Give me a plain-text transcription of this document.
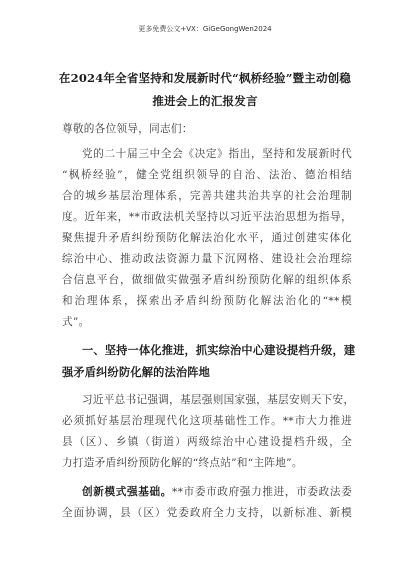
更多免费公文+VX：GiGeGongWen2024
在2024年全省坚持和发展新时代“枫桥经验”暨主动创稳
推进会上的汇报发言
尊敬的各位领导，同志们：
党的二十届三中全会《决定》指出，坚持和发展新时代
“枫桥经验”，健全党组织领导的自治、法治、德治相结
合的城乡基层治理体系，完善共建共治共享的社会治理制
度。近年来，**市政法机关坚持以习近平法治思想为指导，
聚焦提升矛盾纠纷预防化解法治化水平，通过创建实体化
综治中心、推动政法资源力量下沉网格、建设社会治理综
合信息平台，做细做实做强矛盾纠纷预防化解的组织体系
和治理体系，探索出矛盾纠纷预防化解法治化的“**模
式”。
一、坚持一体化推进，抓实综治中心建设提档升级，建
强矛盾纠纷防化解的法治阵地
习近平总书记强调，基层强则国家强，基层安则天下安，
必须抓好基层治理现代化这项基础性工作。**市大力推进
县（区）、乡镇（街道）两级综治中心建设提档升级，全
力打造矛盾纠纷预防化解的“终点站”和“主阵地”。
创新模式强基础。**市委市政府强力推进，市委政法委
全面协调，县（区）党委政府全力支持，以新标准、新模
